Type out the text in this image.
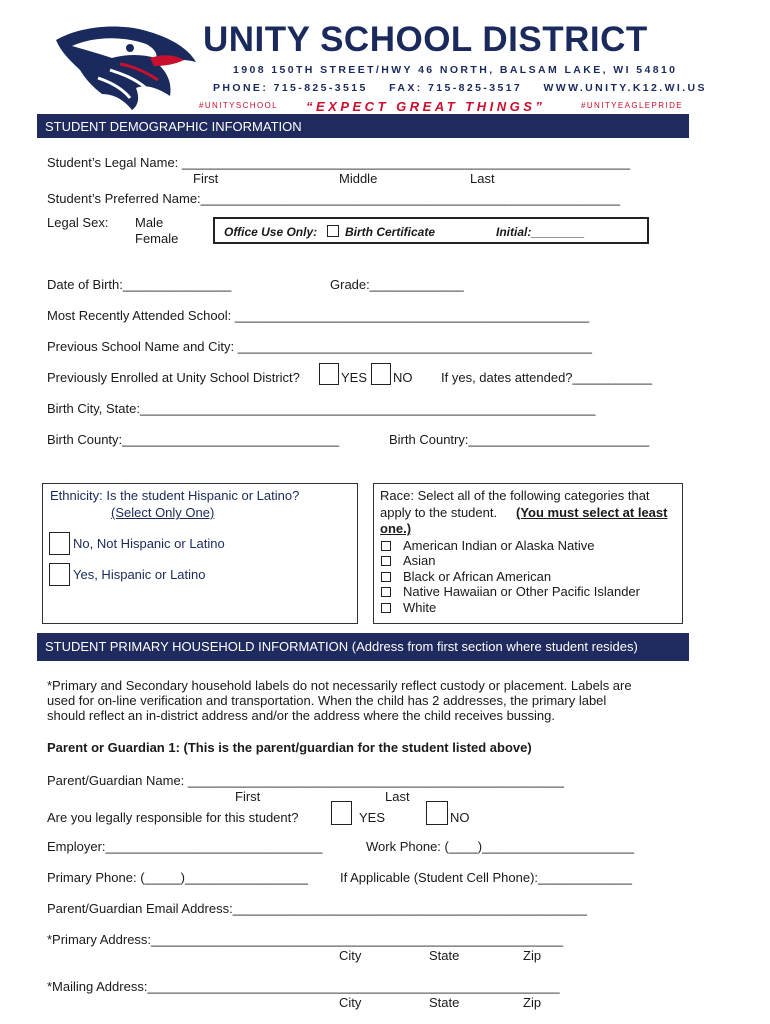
UNITY SCHOOL DISTRICT
1908 150TH STREET/HWY 46 NORTH, BALSAM LAKE, WI 54810
PHONE: 715-825-3515 FAX: 715-825-3517 WWW.UNITY.K12.WI.US
#UNITYSCHOOL “EXPECT GREAT THINGS”	#UNITYEAGLEPRIDE
STUDENT DEMOGRAPHIC INFORMATION
Student’s Legal Name: ______________________________________________________________
First	Middle	Last
Student’s Preferred Name:__________________________________________________________
Legal Sex: Male
Female	Office Use Only: Birth Certificate	Initial:________
Date of Birth:_______________	Grade:_____________
Most Recently Attended School: _________________________________________________
Previous School Name and City: _________________________________________________
Previously Enrolled at Unity School District?	YES NO If yes, dates attended?___________
Birth City, State:_______________________________________________________________
Birth County:______________________________	Birth Country:_________________________
Ethnicity: Is the student Hispanic or Latino?
(Select Only One)
No, Not Hispanic or Latino
Yes, Hispanic or Latino
Race: Select all of the following categories that
apply to the student. (You must select at least
one.)
American Indian or Alaska Native
Asian
Black or African American
Native Hawaiian or Other Pacific Islander
White
STUDENT PRIMARY HOUSEHOLD INFORMATION (Address from first section where student resides)
*Primary and Secondary household labels do not necessarily reflect custody or placement. Labels are
used for on-line verification and transportation. When the child has 2 addresses, the primary label
should reflect an in-district address and/or the address where the child receives bussing.
Parent or Guardian 1: (This is the parent/guardian for the student listed above)
Parent/Guardian Name: ____________________________________________________
First	Last
Are you legally responsible for this student?	YES	NO
Employer:______________________________	Work Phone: (____)_____________________
Primary Phone: (_____)_________________ If Applicable (Student Cell Phone):_____________
Parent/Guardian Email Address:_________________________________________________
*Primary Address:_________________________________________________________
City	State	Zip
*Mailing Address:_________________________________________________________
City	State	Zip
